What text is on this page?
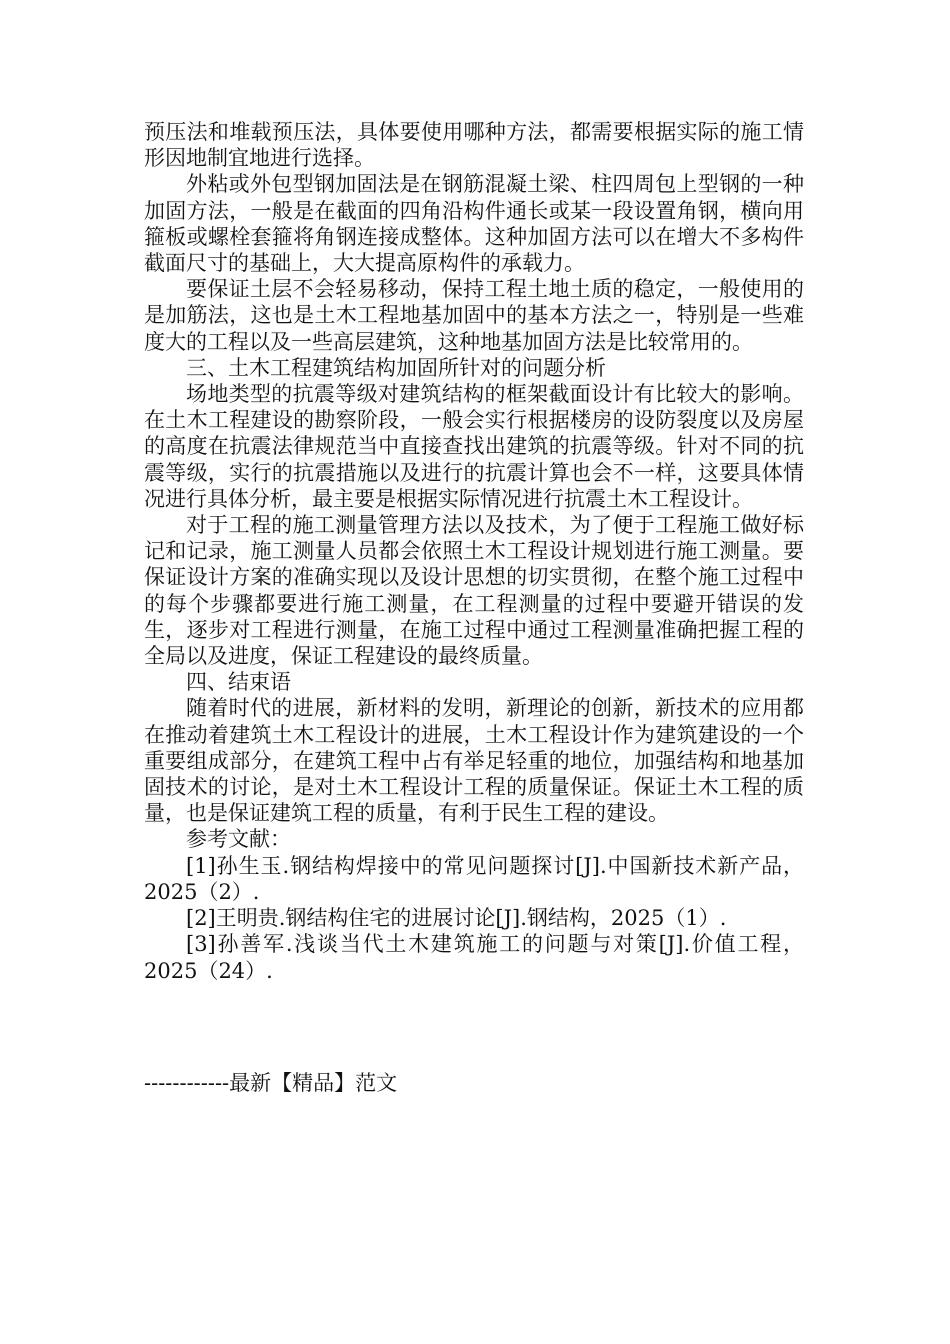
预压法和堆载预压法，具体要使用哪种方法，都需要根据实际的施工情形因地制宜地进行选择。

外粘或外包型钢加固法是在钢筋混凝土梁、柱四周包上型钢的一种加固方法，一般是在截面的四角沿构件通长或某一段设置角钢，横向用箍板或螺栓套箍将角钢连接成整体。这种加固方法可以在增大不多构件截面尺寸的基础上，大大提高原构件的承载力。

要保证土层不会轻易移动，保持工程土地土质的稳定，一般使用的是加筋法，这也是土木工程地基加固中的基本方法之一，特别是一些难度大的工程以及一些高层建筑，这种地基加固方法是比较常用的。

三、土木工程建筑结构加固所针对的问题分析

场地类型的抗震等级对建筑结构的框架截面设计有比较大的影响。在土木工程建设的勘察阶段，一般会实行根据楼房的设防裂度以及房屋的高度在抗震法律规范当中直接查找出建筑的抗震等级。针对不同的抗震等级，实行的抗震措施以及进行的抗震计算也会不一样，这要具体情况进行具体分析，最主要是根据实际情况进行抗震土木工程设计。

对于工程的施工测量管理方法以及技术，为了便于工程施工做好标记和记录，施工测量人员都会依照土木工程设计规划进行施工测量。要保证设计方案的准确实现以及设计思想的切实贯彻，在整个施工过程中的每个步骤都要进行施工测量，在工程测量的过程中要避开错误的发生，逐步对工程进行测量，在施工过程中通过工程测量准确把握工程的全局以及进度，保证工程建设的最终质量。

四、结束语

随着时代的进展，新材料的发明，新理论的创新，新技术的应用都在推动着建筑土木工程设计的进展，土木工程设计作为建筑建设的一个重要组成部分，在建筑工程中占有举足轻重的地位，加强结构和地基加固技术的讨论，是对土木工程设计工程的质量保证。保证土木工程的质量，也是保证建筑工程的质量，有利于民生工程的建设。

参考文献：

[1]孙生玉.钢结构焊接中的常见问题探讨[J].中国新技术新产品，2025（2）.
[2]王明贵.钢结构住宅的进展讨论[J].钢结构，2025（1）.
[3]孙善军.浅谈当代土木建筑施工的问题与对策[J].价值工程，2025（24）.
------------最新【精品】范文
